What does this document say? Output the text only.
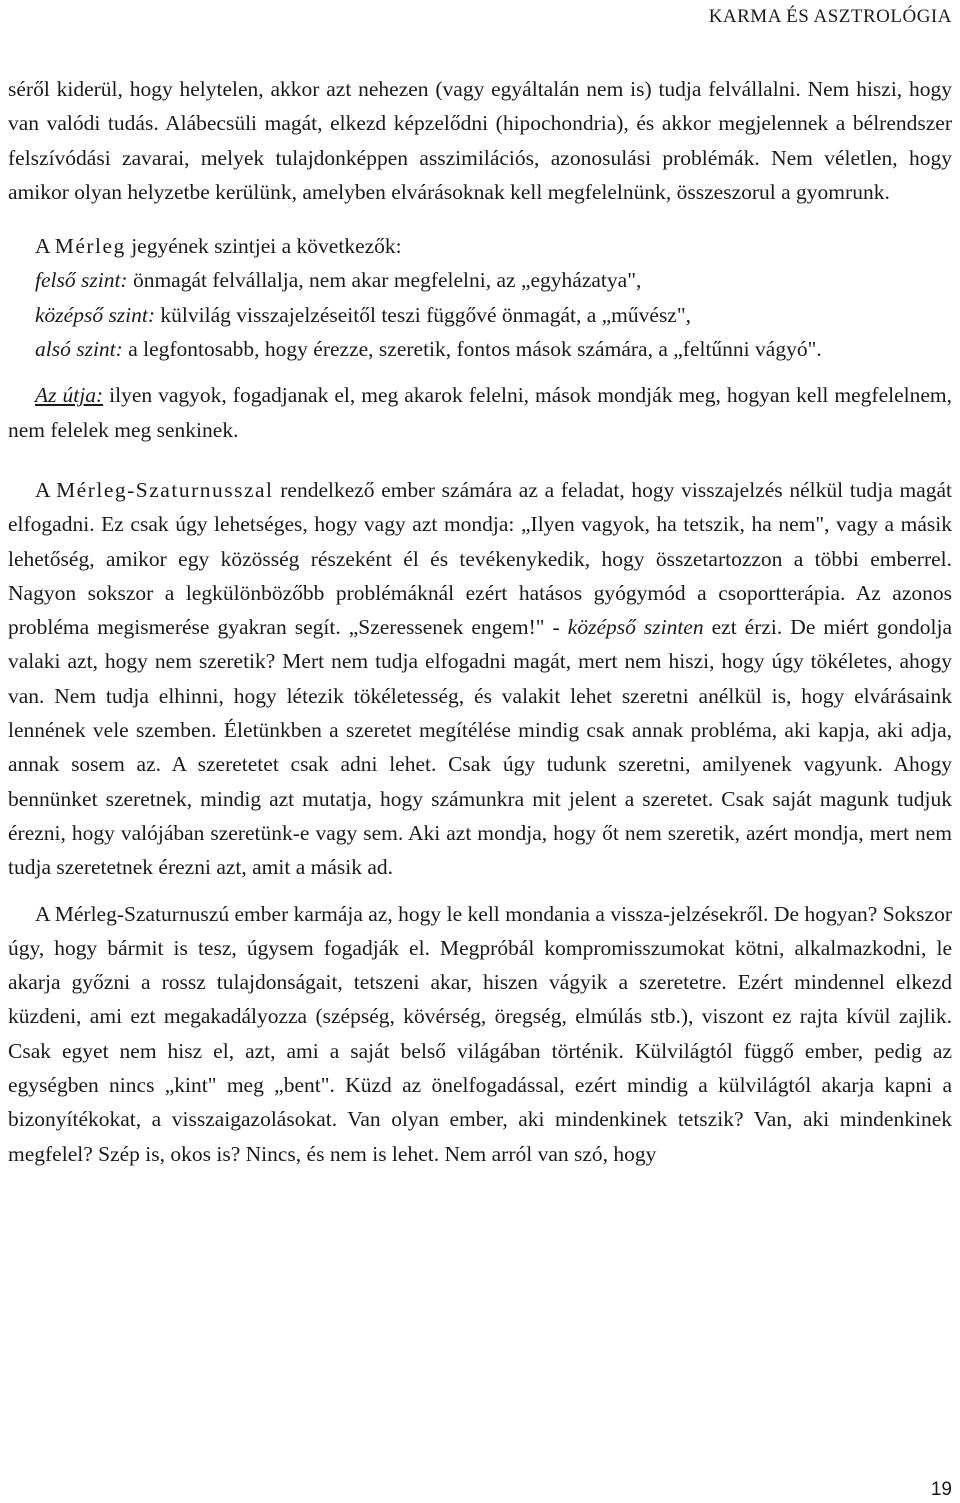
KARMA ÉS ASZTROLÓGIA

séről kiderül, hogy helytelen, akkor azt nehezen (vagy egyáltalán nem is) tudja felvállalni. Nem hiszi, hogy van valódi tudás. Alábecsüli magát, elkezd képzelődni (hipochondria), és akkor megjelennek a bélrendszer felszívódási zavarai, melyek tulajdonképpen asszimilációs, azonosulási problémák. Nem véletlen, hogy amikor olyan helyzetbe kerülünk, amelyben elvárásoknak kell megfelelnünk, összeszorul a gyomrunk.

A Mérleg jegyének szintjei a következők:

felső szint: önmagát felvállalja, nem akar megfelelni, az „egyházatya",

középső szint: külvilág visszajelzéseitől teszi függővé önmagát, a „művész",

alsó szint: a legfontosabb, hogy érezze, szeretik, fontos mások számára, a „feltűnni vágyó".

Az útja: ilyen vagyok, fogadjanak el, meg akarok felelni, mások mondják meg, hogyan kell megfelelnem, nem felelek meg senkinek.

A Mérleg-Szaturnusszal rendelkező ember számára az a feladat, hogy visszajelzés nélkül tudja magát elfogadni. Ez csak úgy lehetséges, hogy vagy azt mondja: „Ilyen vagyok, ha tetszik, ha nem", vagy a másik lehetőség, amikor egy közösség részeként él és tevékenykedik, hogy összetartozzon a többi emberrel. Nagyon sokszor a legkülönbözőbb problémáknál ezért hatásos gyógymód a csoportterápia. Az azonos probléma megismerése gyakran segít. „Szeressenek engem!" - középső szinten ezt érzi. De miért gondolja valaki azt, hogy nem szeretik? Mert nem tudja elfogadni magát, mert nem hiszi, hogy úgy tökéletes, ahogy van. Nem tudja elhinni, hogy létezik tökéletesség, és valakit lehet szeretni anélkül is, hogy elvárásaink lennének vele szemben. Életünkben a szeretet megítélése mindig csak annak probléma, aki kapja, aki adja, annak sosem az. A szeretetet csak adni lehet. Csak úgy tudunk szeretni, amilyenek vagyunk. Ahogy bennünket szeretnek, mindig azt mutatja, hogy számunkra mit jelent a szeretet. Csak saját magunk tudjuk érezni, hogy valójában szeretünk-e vagy sem. Aki azt mondja, hogy őt nem szeretik, azért mondja, mert nem tudja szeretetnek érezni azt, amit a másik ad.

A Mérleg-Szaturnuszú ember karmája az, hogy le kell mondania a vissza-jelzésekről. De hogyan? Sokszor úgy, hogy bármit is tesz, úgysem fogadják el. Megpróbál kompromisszumokat kötni, alkalmazkodni, le akarja győzni a rossz tulajdonságait, tetszeni akar, hiszen vágyik a szeretetre. Ezért mindennel elkezd küzdeni, ami ezt megakadályozza (szépség, kövérség, öregség, elmúlás stb.), viszont ez rajta kívül zajlik. Csak egyet nem hisz el, azt, ami a saját belső világában történik. Külvilágtól függő ember, pedig az egységben nincs „kint" meg „bent". Küzd az önelfogadással, ezért mindig a külvilágtól akarja kapni a bizonyítékokat, a visszaigazolásokat. Van olyan ember, aki mindenkinek tetszik? Van, aki mindenkinek megfelel? Szép is, okos is? Nincs, és nem is lehet. Nem arról van szó, hogy

19
